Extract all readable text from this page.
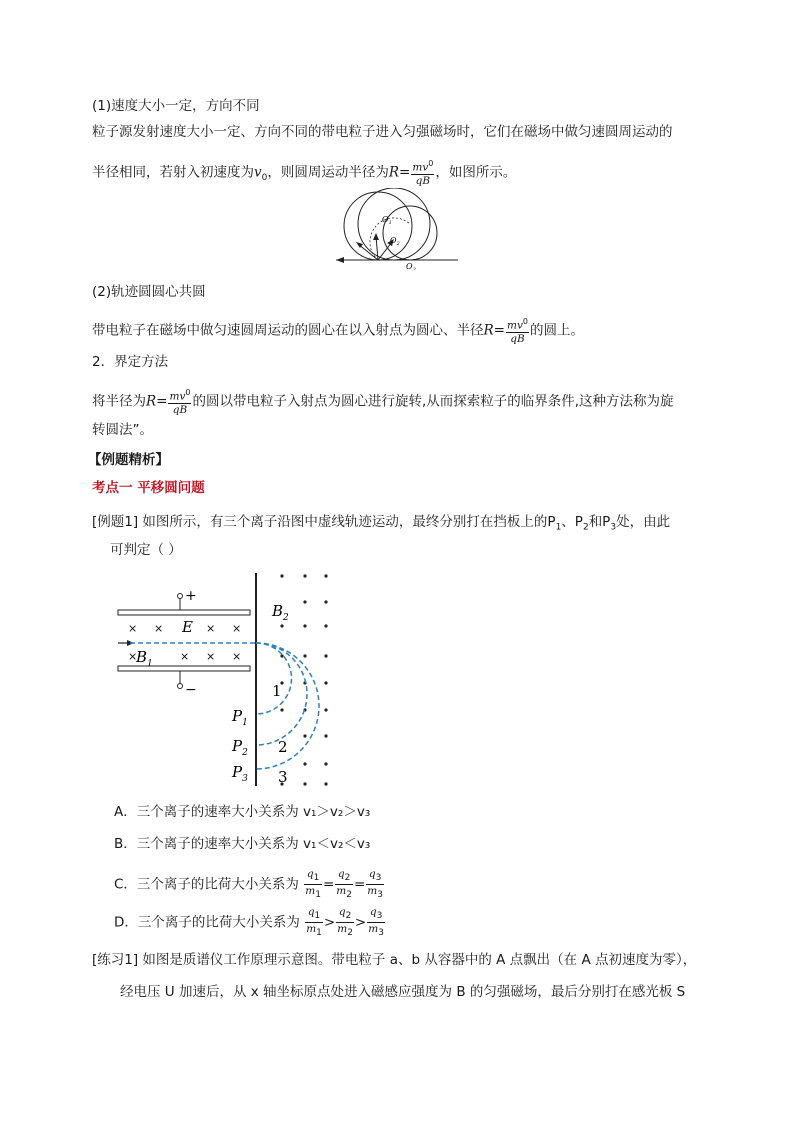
(1)速度大小一定，方向不同
粒子源发射速度大小一定、方向不同的带电粒子进入匀强磁场时，它们在磁场中做匀速圆周运动的
半径相同，若射入初速度为$v_0$，则圆周运动半径为$R= \frac{mv^0}{qB}$ ，如图所示。
$O_1$
$O_2$
$O_3$
(2)轨迹圆圆心共圆
带电粒子在磁场中做匀速圆周运动的圆心在以入射点为圆心、半径$R= \frac{mv^0}{qB}$ 的圆上。
2．界定方法
将半径为$R= \frac{mv^0}{qB}$ 的圆以带电粒子入射点为圆心进行旋转,从而探索粒子的临界条件,这种方法称为旋
转圆法”。
【例题精析】
考点一 平移圆问题
[例题1] 如图所示，有三个离子沿图中虚线轨迹运动，最终分别打在挡板上的$P_1$、$P_2$和$P_3$处，由此
可判定（ ）
+
−
× ×	× ×
×	× × ×
E
$B_1$
$B_2$
1
2
3
$P_1$
$P_2$
$P_3$
A．三个离子的速率大小关系为 v₁＞v₂＞v₃
B．三个离子的速率大小关系为 v₁＜v₂＜v₃
C．三个离子的比荷大小关系为 $\frac{q_1}{m_1} = \frac{q_2}{m_2} = \frac{q_3}{m_3}$
D．三个离子的比荷大小关系为 $\frac{q_1}{m_1} > \frac{q_2}{m_2} > \frac{q_3}{m_3}$
[练习1] 如图是质谱仪工作原理示意图。带电粒子 a、b 从容器中的 A 点飘出（在 A 点初速度为零），
经电压 U 加速后，从 x 轴坐标原点处进入磁感应强度为 B 的匀强磁场，最后分别打在感光板 S
